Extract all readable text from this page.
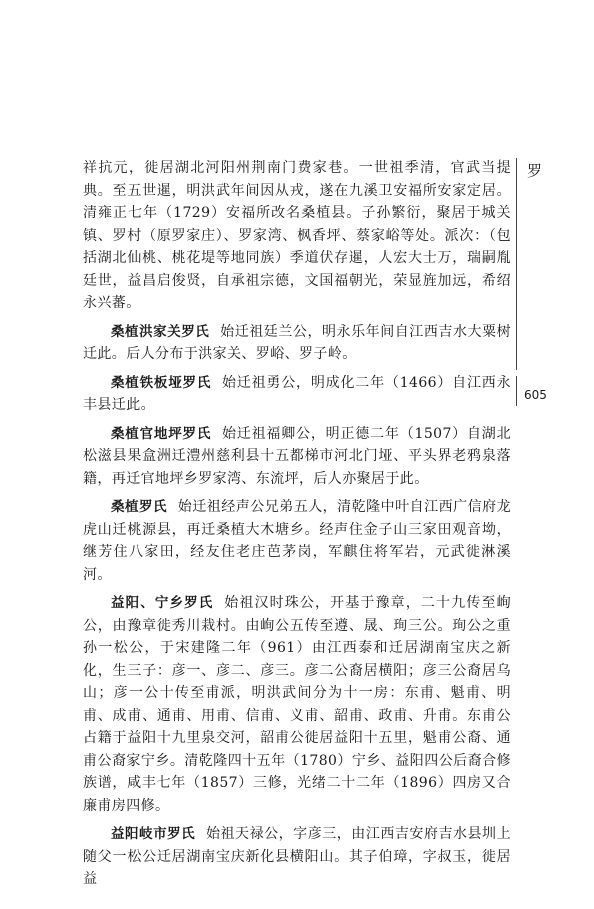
罗
605

祥抗元，徙居湖北河阳州荆南门费家巷。一世祖季清，官武当提典。至五世暹，明洪武年间因从戎，遂在九溪卫安福所安家定居。清雍正七年（1729）安福所改名桑植县。子孙繁衍，聚居于城关镇、罗村（原罗家庄）、罗家湾、枫香坪、蔡家峪等处。派次：（包括湖北仙桃、桃花堤等地同族）季道伏存暹，人宏大士万，瑞嗣胤廷世，益昌启俊贤，自承祖宗德，文国福朝光，荣显旌加远，希绍永兴蕃。

桑植洪家关罗氏 始迁祖廷兰公，明永乐年间自江西吉水大粟树迁此。后人分布于洪家关、罗峪、罗子岭。

桑植铁板垭罗氏 始迁祖勇公，明成化二年（1466）自江西永丰县迁此。

桑植官地坪罗氏 始迁祖福卿公，明正德二年（1507）自湖北松滋县果盒洲迁澧州慈利县十五都梯市河北门垭、平头界老鸦泉落籍，再迁官地坪乡罗家湾、东流坪，后人亦聚居于此。

桑植罗氏 始迁祖经声公兄弟五人，清乾隆中叶自江西广信府龙虎山迁桃源县，再迁桑植大木塘乡。经声住金子山三家田观音坳，继芳住八家田，经友住老庄芭茅岗，军麒住将军岩，元武徙淋溪河。

益阳、宁乡罗氏 始祖汉时珠公，开基于豫章，二十九传至峋公，由豫章徙秀川栽村。由峋公五传至遵、晟、珣三公。珣公之重孙一松公，于宋建隆二年（961）由江西泰和迁居湖南宝庆之新化，生三子：彦一、彦二、彦三。彦二公裔居横阳；彦三公裔居乌山；彦一公十传至甫派，明洪武间分为十一房：东甫、魁甫、明甫、成甫、通甫、用甫、信甫、义甫、韶甫、政甫、升甫。东甫公占籍于益阳十九里泉交河，韶甫公徙居益阳十五里，魁甫公裔、通甫公裔家宁乡。清乾隆四十五年（1780）宁乡、益阳四公后裔合修族谱，咸丰七年（1857）三修，光绪二十二年（1896）四房又合廉甫房四修。

益阳岐市罗氏 始祖天禄公，字彦三，由江西吉安府吉水县圳上随父一松公迁居湖南宝庆新化县横阳山。其子伯璋，字叔玉，徙居益
